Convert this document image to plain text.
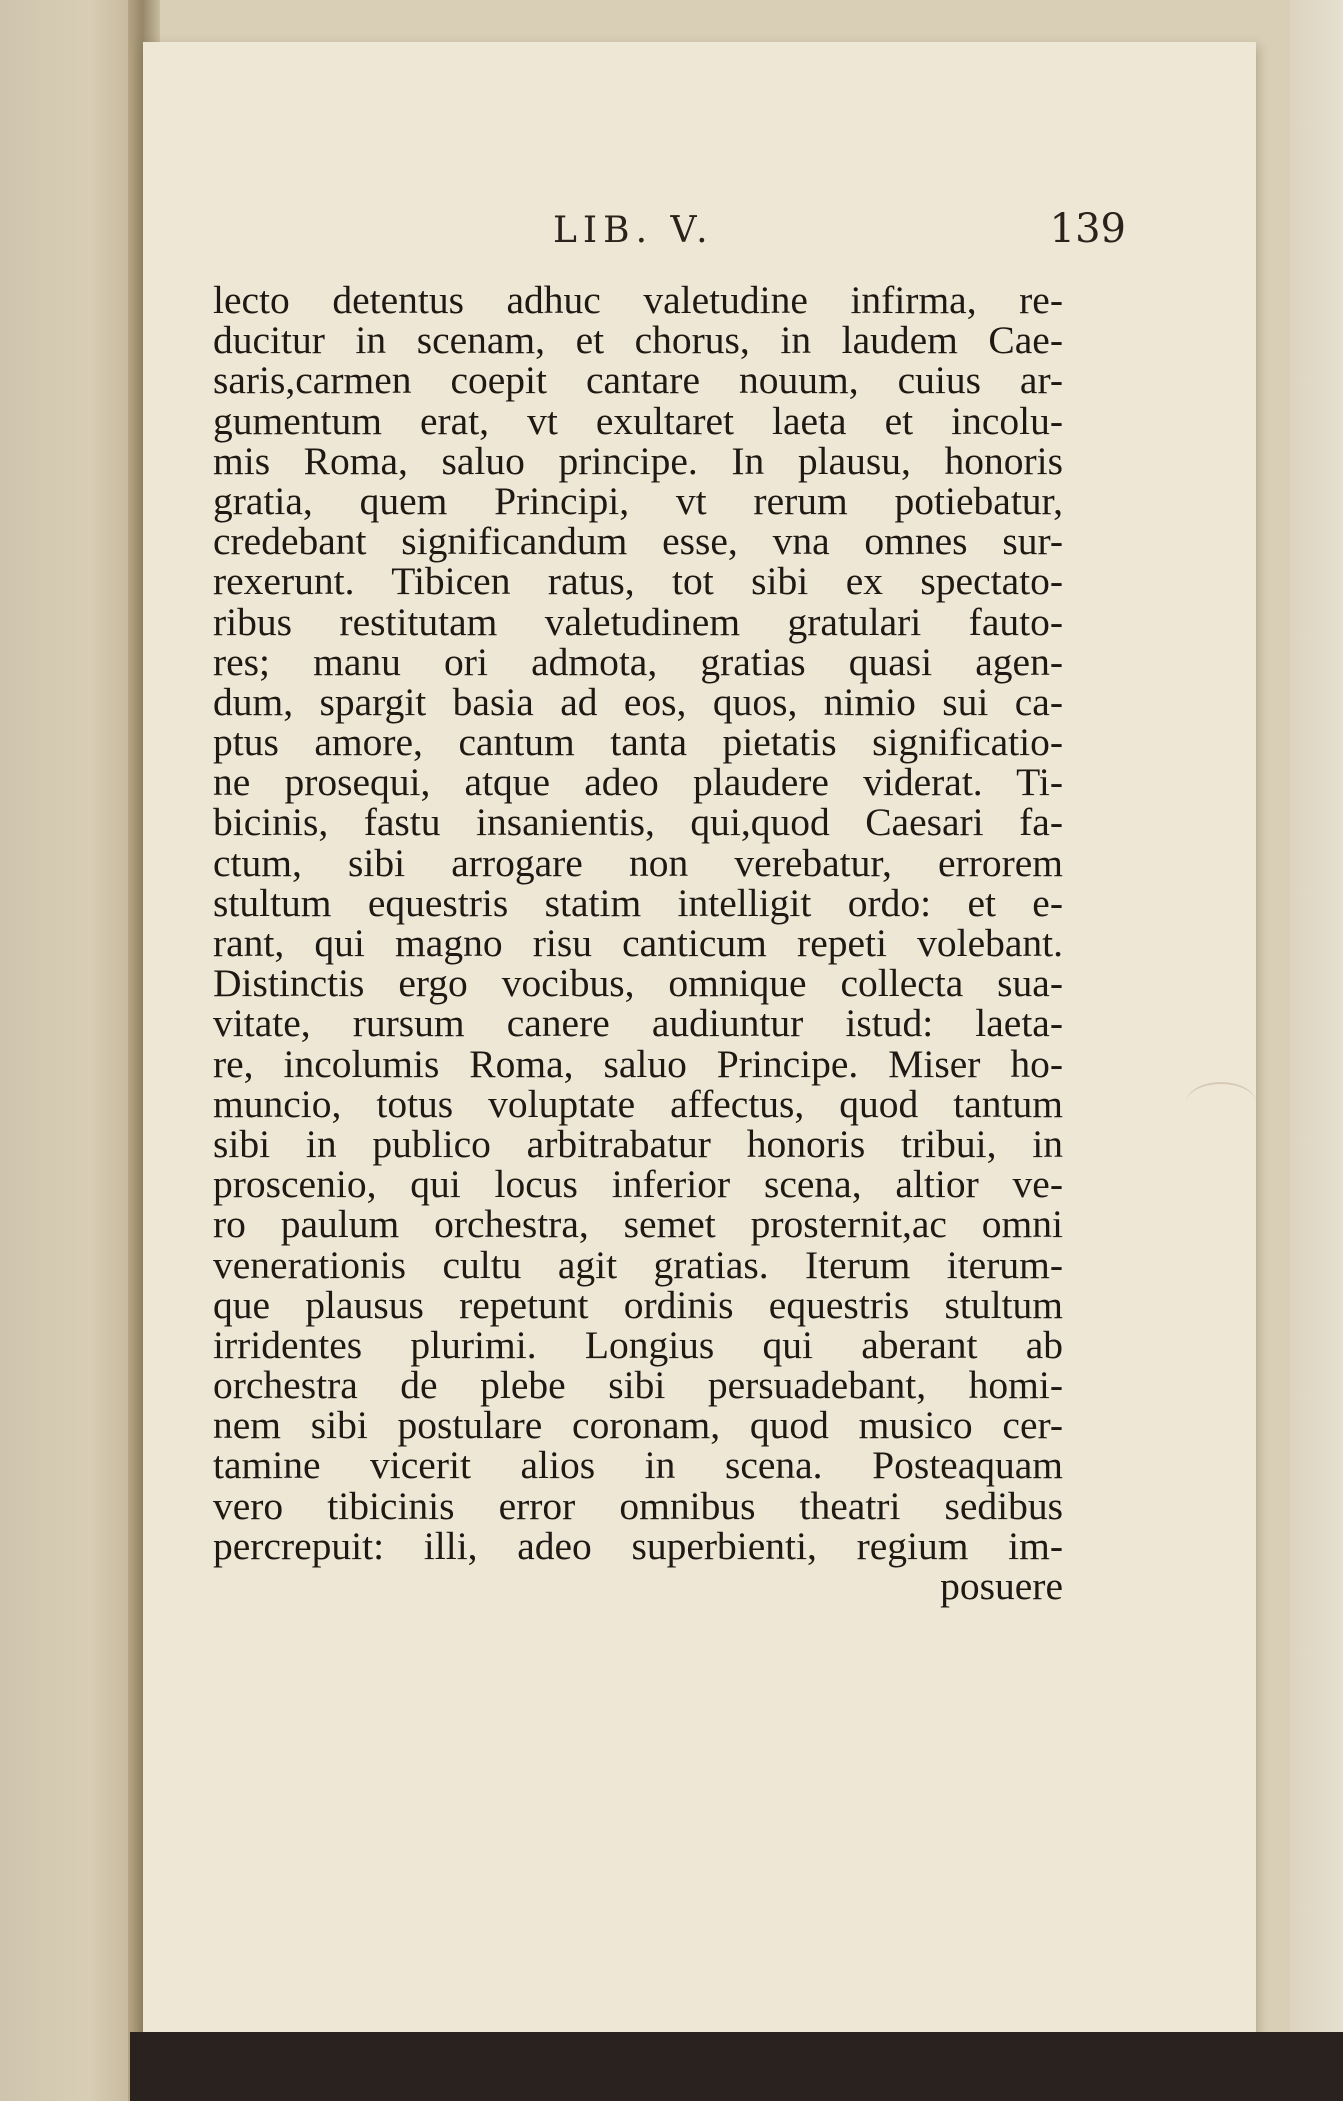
LIB. V.	139
lecto detentus adhuc valetudine infirma, re-
ducitur in scenam, et chorus, in laudem Cae-
saris,carmen coepit cantare nouum, cuius ar-
gumentum erat, vt exultaret laeta et incolu-
mis Roma, saluo principe. In plausu, honoris
gratia, quem Principi, vt rerum potiebatur,
credebant significandum esse, vna omnes sur-
rexerunt. Tibicen ratus, tot sibi ex spectato-
ribus restitutam valetudinem gratulari fauto-
res; manu ori admota, gratias quasi agen-
dum, spargit basia ad eos, quos, nimio sui ca-
ptus amore, cantum tanta pietatis significatio-
ne prosequi, atque adeo plaudere viderat. Ti-
bicinis, fastu insanientis, qui,quod Caesari fa-
ctum, sibi arrogare non verebatur, errorem
stultum equestris statim intelligit ordo: et e-
rant, qui magno risu canticum repeti volebant.
Distinctis ergo vocibus, omnique collecta sua-
vitate, rursum canere audiuntur istud: laeta-
re, incolumis Roma, saluo Principe. Miser ho-
muncio, totus voluptate affectus, quod tantum
sibi in publico arbitrabatur honoris tribui, in
proscenio, qui locus inferior scena, altior ve-
ro paulum orchestra, semet prosternit,ac omni
venerationis cultu agit gratias. Iterum iterum-
que plausus repetunt ordinis equestris stultum
irridentes plurimi. Longius qui aberant ab
orchestra de plebe sibi persuadebant, homi-
nem sibi postulare coronam, quod musico cer-
tamine vicerit alios in scena. Posteaquam
vero tibicinis error omnibus theatri sedibus
percrepuit: illi, adeo superbienti, regium im-
posuere
